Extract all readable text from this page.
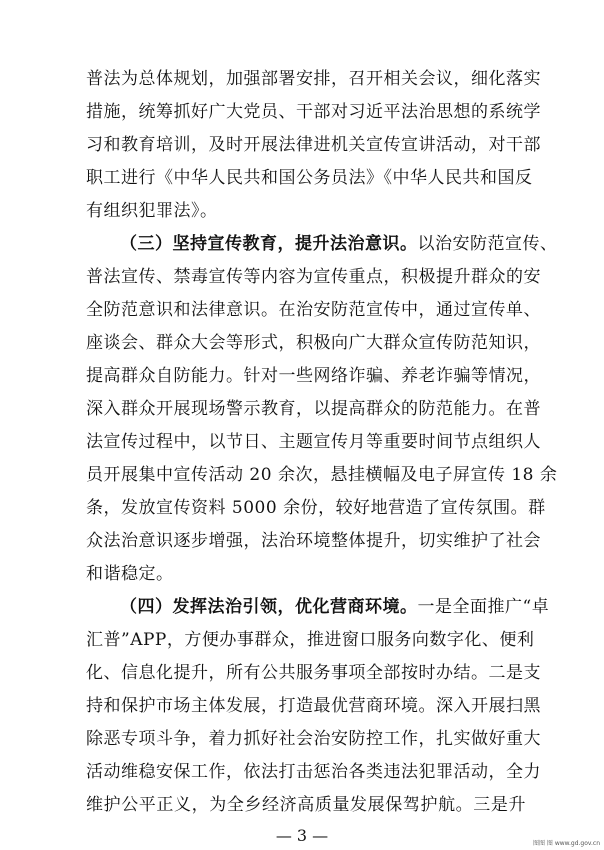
普法为总体规划，加强部署安排，召开相关会议，细化落实
措施，统筹抓好广大党员、干部对习近平法治思想的系统学
习和教育培训，及时开展法律进机关宣传宣讲活动，对干部
职工进行《中华人民共和国公务员法》《中华人民共和国反
有组织犯罪法》。
（三）坚持宣传教育，提升法治意识。以治安防范宣传、
普法宣传、禁毒宣传等内容为宣传重点，积极提升群众的安
全防范意识和法律意识。在治安防范宣传中，通过宣传单、
座谈会、群众大会等形式，积极向广大群众宣传防范知识，
提高群众自防能力。针对一些网络诈骗、养老诈骗等情况，
深入群众开展现场警示教育，以提高群众的防范能力。在普
法宣传过程中，以节日、主题宣传月等重要时间节点组织人
员开展集中宣传活动 20 余次，悬挂横幅及电子屏宣传 18 余
条，发放宣传资料 5000 余份，较好地营造了宣传氛围。群
众法治意识逐步增强，法治环境整体提升，切实维护了社会
和谐稳定。
（四）发挥法治引领，优化营商环境。一是全面推广“卓
汇普”APP，方便办事群众，推进窗口服务向数字化、便利
化、信息化提升，所有公共服务事项全部按时办结。二是支
持和保护市场主体发展，打造最优营商环境。深入开展扫黑
除恶专项斗争，着力抓好社会治安防控工作，扎实做好重大
活动维稳安保工作，依法打击惩治各类违法犯罪活动，全力
维护公平正义，为全乡经济高质量发展保驾护航。三是升
— 3 —	图图 图 www.gd.gov.cn
